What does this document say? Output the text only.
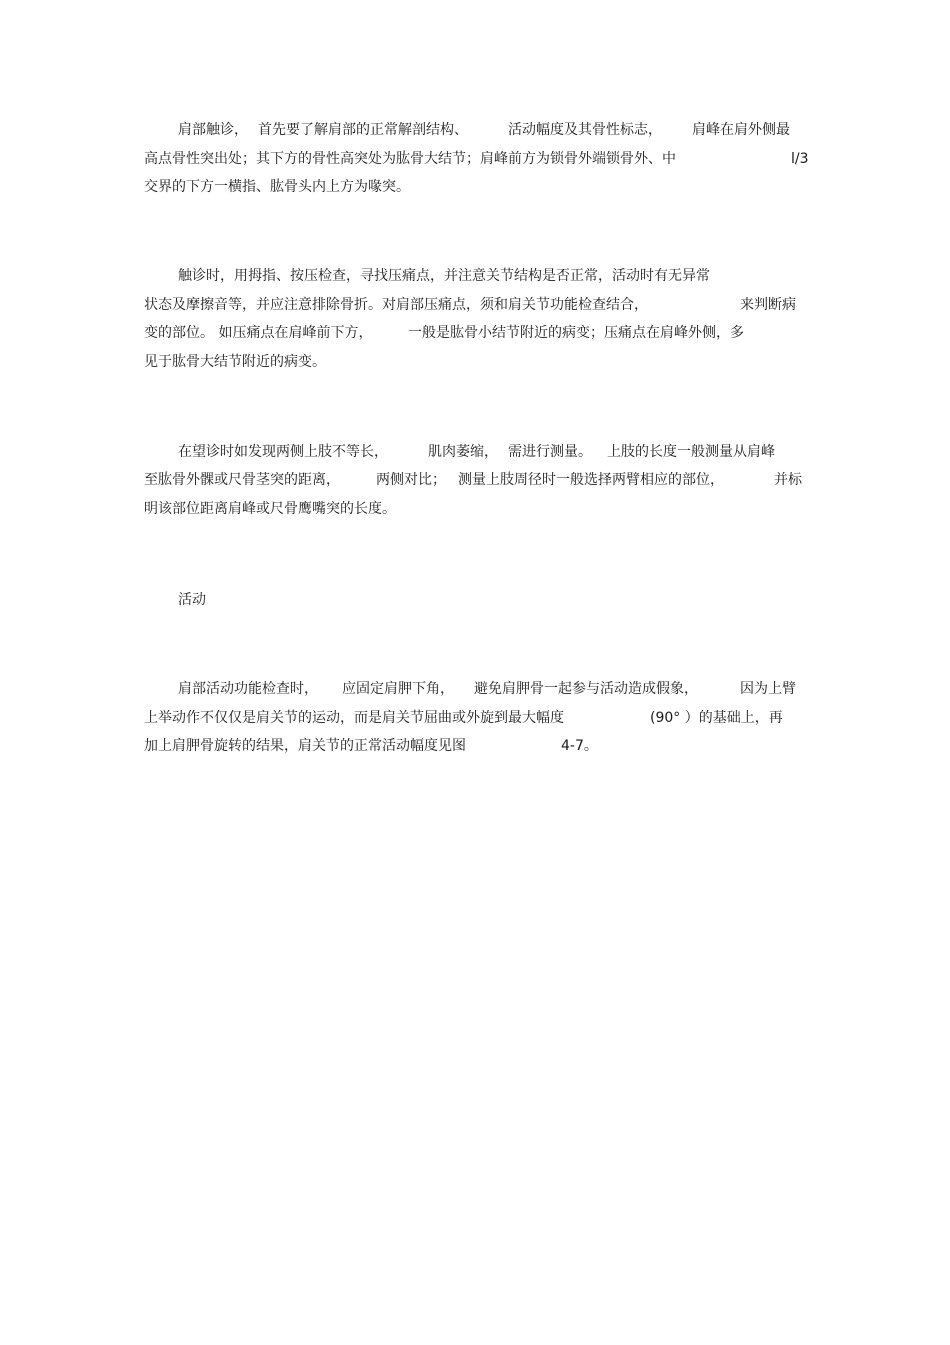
肩部触诊， 首先要了解肩部的正常解剖结构、	活动幅度及其骨性标志， 肩峰在肩外侧最
高点骨性突出处；其下方的骨性高突处为肱骨大结节；肩峰前方为锁骨外端锁骨外、中	l/3
交界的下方一横指、肱骨头内上方为喙突。
触诊时，用拇指、按压检查，寻找压痛点，并注意关节结构是否正常，活动时有无异常
状态及摩擦音等，并应注意排除骨折。对肩部压痛点，须和肩关节功能检查结合，	来判断病
变的部位。 如压痛点在肩峰前下方，	一般是肱骨小结节附近的病变；压痛点在肩峰外侧，多
见于肱骨大结节附近的病变。
在望诊时如发现两侧上肢不等长，	肌肉萎缩， 需进行测量。 上肢的长度一般测量从肩峰
至肱骨外髁或尺骨茎突的距离，	两侧对比； 测量上肢周径时一般选择两臂相应的部位，	并标
明该部位距离肩峰或尺骨鹰嘴突的长度。
活动
肩部活动功能检查时， 应固定肩胛下角， 避免肩胛骨一起参与活动造成假象，	因为上臂
上举动作不仅仅是肩关节的运动，而是肩关节屈曲或外旋到最大幅度	(90° ）的基础上，再
加上肩胛骨旋转的结果，肩关节的正常活动幅度见图	4-7。
